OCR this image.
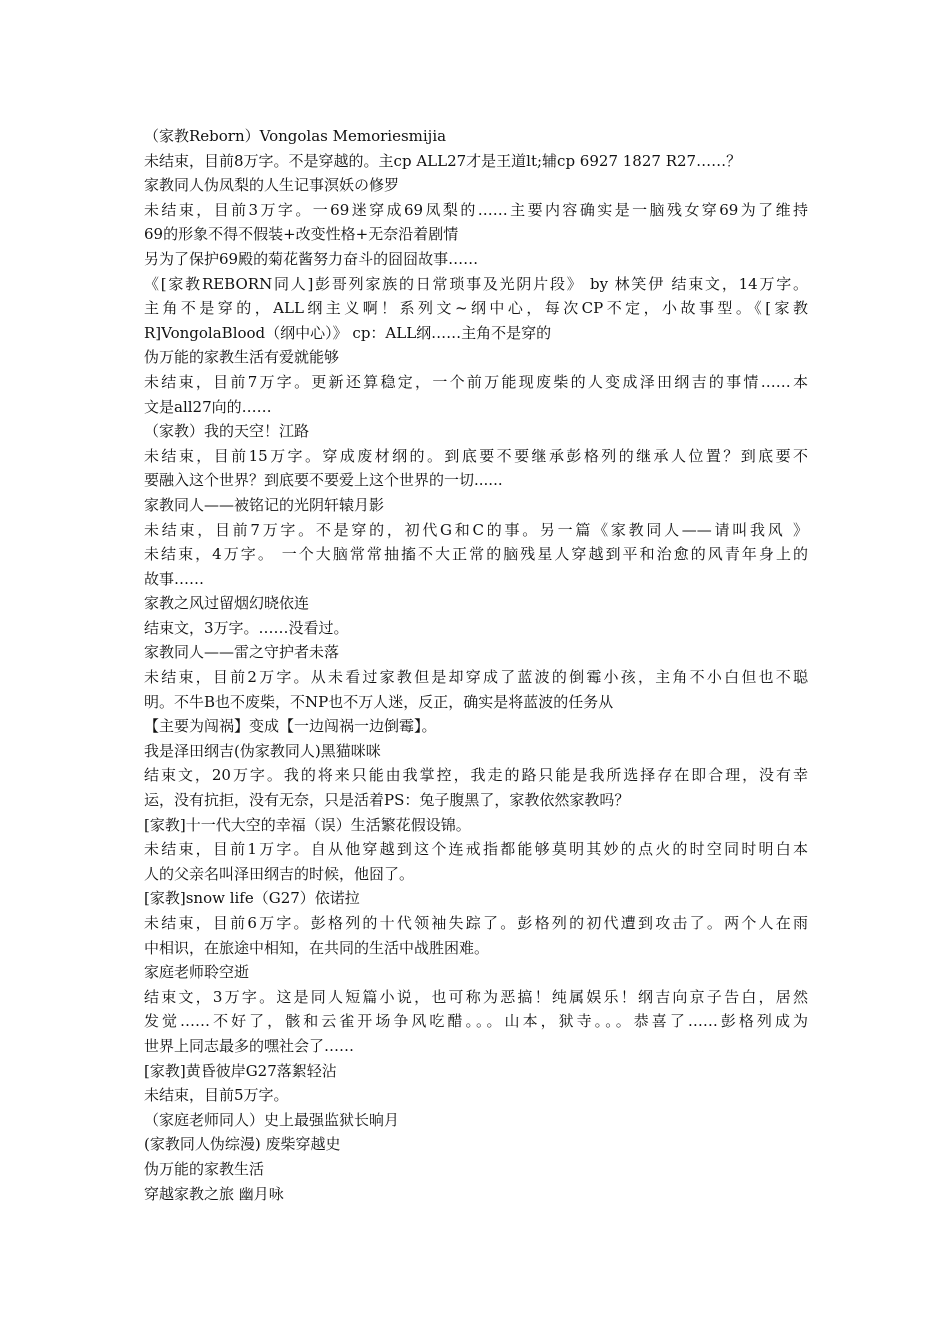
（家教Reborn）Vongolas Memoriesmijia
未结束，目前8万字。不是穿越的。主cp ALL27才是王道lt;辅cp 6927 1827 R27……？
家教同人伪凤梨的人生记事溟妖の修罗
未结束，目前3万字。一69迷穿成69凤梨的……主要内容确实是一脑残女穿69为了维持
69的形象不得不假装+改变性格+无奈沿着剧情
另为了保护69殿的菊花酱努力奋斗的囧囧故事……
《[家教REBORN同人]彭哥列家族的日常琐事及光阴片段》 by 林笑伊 结束文，14万字。
主角不是穿的，ALL纲主义啊！系列文~纲中心，每次CP不定，小故事型。《[家教
R]VongolaBlood（纲中心）》 cp：ALL纲……主角不是穿的
伪万能的家教生活有爱就能够
未结束，目前7万字。更新还算稳定，一个前万能现废柴的人变成泽田纲吉的事情……本
文是all27向的……
（家教）我的天空！江路
未结束，目前15万字。穿成废材纲的。到底要不要继承彭格列的继承人位置？到底要不
要融入这个世界？到底要不要爱上这个世界的一切......
家教同人——被铭记的光阴轩辕月影
未结束，目前7万字。不是穿的，初代G和C的事。另一篇《家教同人——请叫我风 》
未结束，4万字。 一个大脑常常抽搐不大正常的脑残星人穿越到平和治愈的风青年身上的
故事……
家教之风过留烟幻晓依连
结束文，3万字。……没看过。
家教同人——雷之守护者未落
未结束，目前2万字。从未看过家教但是却穿成了蓝波的倒霉小孩，主角不小白但也不聪
明。不牛B也不废柴，不NP也不万人迷，反正，确实是将蓝波的任务从
【主要为闯祸】变成【一边闯祸一边倒霉】。
我是泽田纲吉(伪家教同人)黑猫咪咪
结束文，20万字。我的将来只能由我掌控，我走的路只能是我所选择存在即合理，没有幸
运，没有抗拒，没有无奈，只是活着PS：兔子腹黑了，家教依然家教吗？
[家教]十一代大空的幸福（误）生活繁花假设锦。
未结束，目前1万字。自从他穿越到这个连戒指都能够莫明其妙的点火的时空同时明白本
人的父亲名叫泽田纲吉的时候，他囧了。
[家教]snow life（G27）依诺拉
未结束，目前6万字。彭格列的十代领袖失踪了。彭格列的初代遭到攻击了。两个人在雨
中相识，在旅途中相知，在共同的生活中战胜困难。
家庭老师聆空逝
结束文，3万字。这是同人短篇小说，也可称为恶搞！纯属娱乐！纲吉向京子告白，居然
发觉……不好了，骸和云雀开场争风吃醋。。。山本，狱寺。。。恭喜了……彭格列成为
世界上同志最多的嘿社会了……
[家教]黄昏彼岸G27落絮轻沾
未结束，目前5万字。
（家庭老师同人）史上最强监狱长晌月
(家教同人伪综漫) 废柴穿越史
伪万能的家教生活
穿越家教之旅 幽月咏
